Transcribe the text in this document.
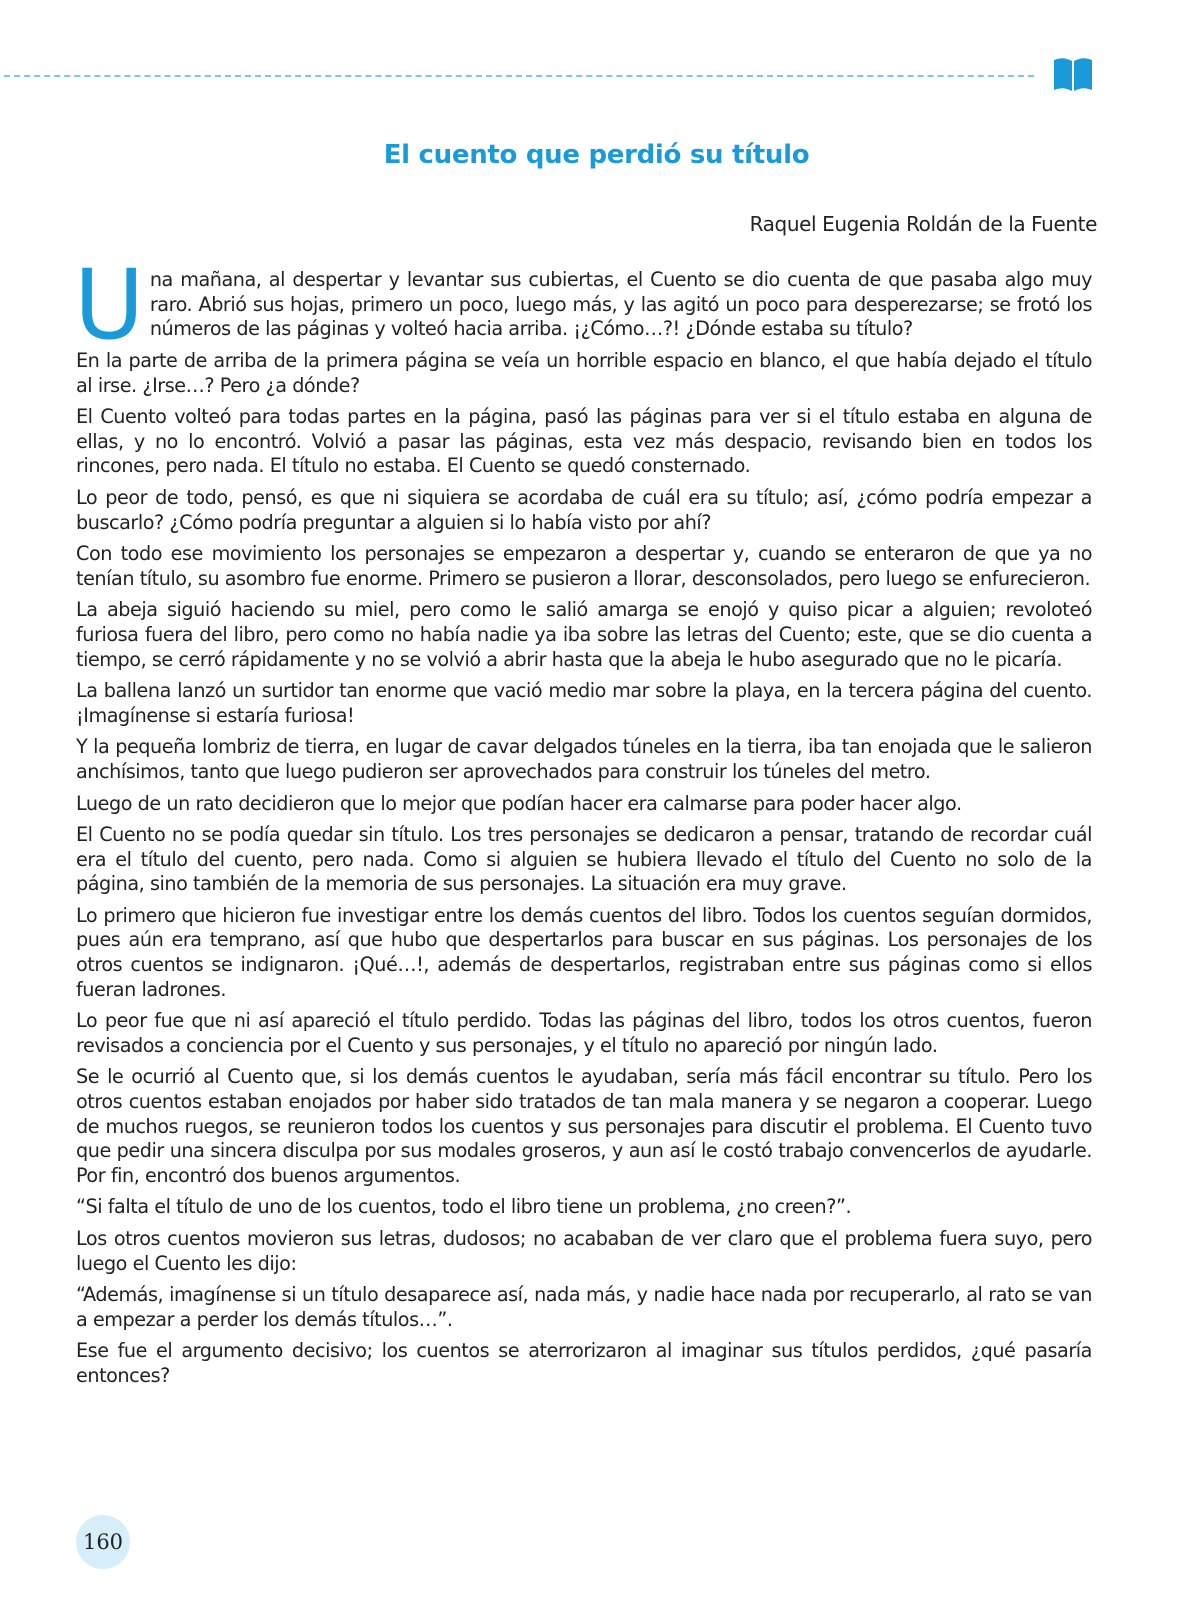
El cuento que perdió su título
Raquel Eugenia Roldán de la Fuente

Una mañana, al despertar y levantar sus cubiertas, el Cuento se dio cuenta de que pasaba algo muy raro. Abrió sus hojas, primero un poco, luego más, y las agitó un poco para desperezarse; se frotó los números de las páginas y volteó hacia arriba. ¡¿Cómo…?! ¿Dónde estaba su título?

En la parte de arriba de la primera página se veía un horrible espacio en blanco, el que había dejado el título al irse. ¿Irse…? Pero ¿a dónde?

El Cuento volteó para todas partes en la página, pasó las páginas para ver si el título estaba en alguna de ellas, y no lo encontró. Volvió a pasar las páginas, esta vez más despacio, revisando bien en todos los rincones, pero nada. El título no estaba. El Cuento se quedó consternado.

Lo peor de todo, pensó, es que ni siquiera se acordaba de cuál era su título; así, ¿cómo podría empezar a buscarlo? ¿Cómo podría preguntar a alguien si lo había visto por ahí?

Con todo ese movimiento los personajes se empezaron a despertar y, cuando se enteraron de que ya no tenían título, su asombro fue enorme. Primero se pusieron a llorar, desconsolados, pero luego se enfurecieron.

La abeja siguió haciendo su miel, pero como le salió amarga se enojó y quiso picar a alguien; revoloteó furiosa fuera del libro, pero como no había nadie ya iba sobre las letras del Cuento; este, que se dio cuenta a tiempo, se cerró rápidamente y no se volvió a abrir hasta que la abeja le hubo asegurado que no le picaría.

La ballena lanzó un surtidor tan enorme que vació medio mar sobre la playa, en la tercera página del cuento. ¡Imagínense si estaría furiosa!

Y la pequeña lombriz de tierra, en lugar de cavar delgados túneles en la tierra, iba tan enojada que le salieron anchísimos, tanto que luego pudieron ser aprovechados para construir los túneles del metro.

Luego de un rato decidieron que lo mejor que podían hacer era calmarse para poder hacer algo.

El Cuento no se podía quedar sin título. Los tres personajes se dedicaron a pensar, tratando de recordar cuál era el título del cuento, pero nada. Como si alguien se hubiera llevado el título del Cuento no solo de la página, sino también de la memoria de sus personajes. La situación era muy grave.

Lo primero que hicieron fue investigar entre los demás cuentos del libro. Todos los cuentos seguían dormidos, pues aún era temprano, así que hubo que despertarlos para buscar en sus páginas. Los personajes de los otros cuentos se indignaron. ¡Qué…!, además de despertarlos, registraban entre sus páginas como si ellos fueran ladrones.

Lo peor fue que ni así apareció el título perdido. Todas las páginas del libro, todos los otros cuentos, fueron revisados a conciencia por el Cuento y sus personajes, y el título no apareció por ningún lado.

Se le ocurrió al Cuento que, si los demás cuentos le ayudaban, sería más fácil encontrar su título. Pero los otros cuentos estaban enojados por haber sido tratados de tan mala manera y se negaron a cooperar. Luego de muchos ruegos, se reunieron todos los cuentos y sus personajes para discutir el problema. El Cuento tuvo que pedir una sincera disculpa por sus modales groseros, y aun así le costó trabajo convencerlos de ayudarle. Por fin, encontró dos buenos argumentos.

“Si falta el título de uno de los cuentos, todo el libro tiene un problema, ¿no creen?”.

Los otros cuentos movieron sus letras, dudosos; no acababan de ver claro que el problema fuera suyo, pero luego el Cuento les dijo:

“Además, imagínense si un título desaparece así, nada más, y nadie hace nada por recuperarlo, al rato se van a empezar a perder los demás títulos…”.

Ese fue el argumento decisivo; los cuentos se aterrorizaron al imaginar sus títulos perdidos, ¿qué pasaría entonces?

160
